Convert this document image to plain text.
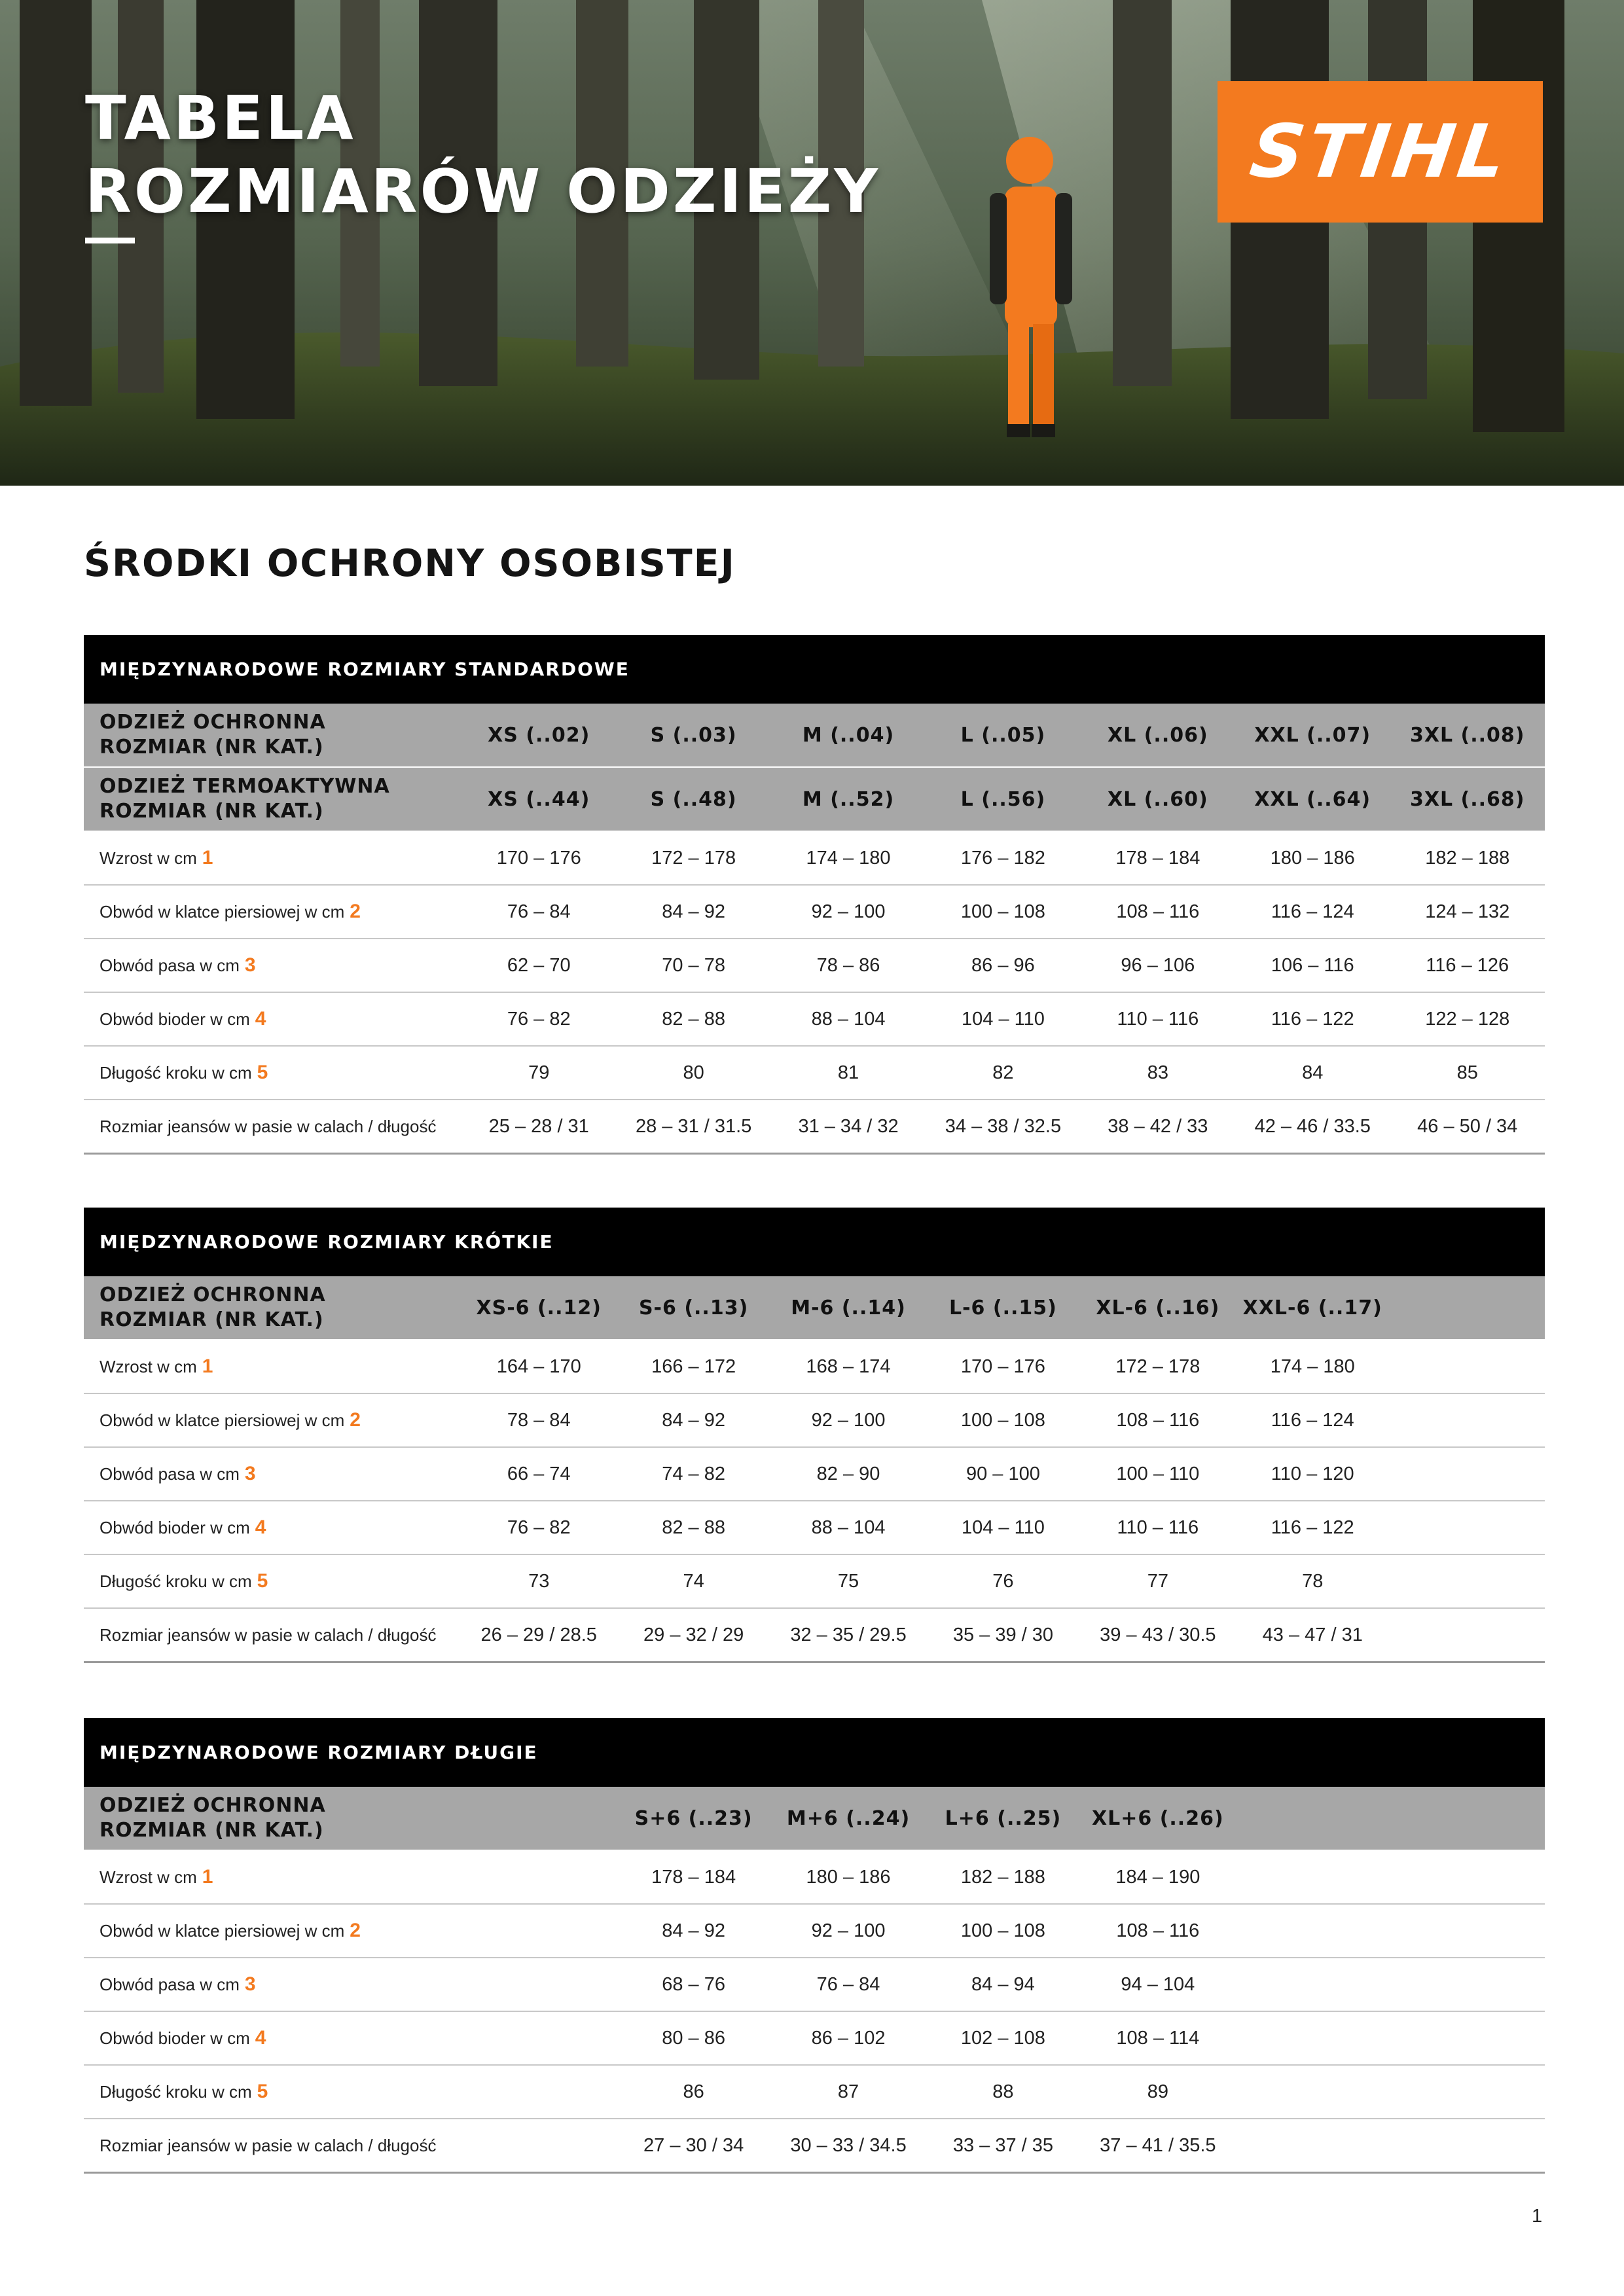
TABELA
ROZMIARÓW ODZIEŻY	STIHL
ŚRODKI OCHRONY OSOBISTEJ
MIĘDZYNARODOWE ROZMIARY STANDARDOWE							

ODZIEŻ OCHRONNA
ROZMIAR (NR KAT.)	XS (..02)	S (..03)	M (..04)	L (..05)	XL (..06)	XXL (..07)	3XL (..08)

ODZIEŻ TERMOAKTYWNA
ROZMIAR (NR KAT.)	XS (..44)	S (..48)	M (..52)	L (..56)	XL (..60)	XXL (..64)	3XL (..68)
Wzrost w cm 1	170 – 176	172 – 178	174 – 180	176 – 182	178 – 184	180 – 186	182 – 188
Obwód w klatce piersiowej w cm 2	76 – 84	84 – 92	92 – 100	100 – 108	108 – 116	116 – 124	124 – 132
Obwód pasa w cm 3	62 – 70	70 – 78	78 – 86	86 – 96	96 – 106	106 – 116	116 – 126
Obwód bioder w cm 4	76 – 82	82 – 88	88 – 104	104 – 110	110 – 116	116 – 122	122 – 128
Długość kroku w cm 5	79	80	81	82	83	84	85
Rozmiar jeansów w pasie w calach / długość	25 – 28 / 31	28 – 31 / 31.5	31 – 34 / 32	34 – 38 / 32.5	38 – 42 / 33	42 – 46 / 33.5	46 – 50 / 34
MIĘDZYNARODOWE ROZMIARY KRÓTKIE							

ODZIEŻ OCHRONNA
ROZMIAR (NR KAT.)	XS-6 (..12)	S-6 (..13)	M-6 (..14)	L-6 (..15)	XL-6 (..16)	XXL-6 (..17)	
Wzrost w cm 1	164 – 170	166 – 172	168 – 174	170 – 176	172 – 178	174 – 180	
Obwód w klatce piersiowej w cm 2	78 – 84	84 – 92	92 – 100	100 – 108	108 – 116	116 – 124	
Obwód pasa w cm 3	66 – 74	74 – 82	82 – 90	90 – 100	100 – 110	110 – 120	
Obwód bioder w cm 4	76 – 82	82 – 88	88 – 104	104 – 110	110 – 116	116 – 122	
Długość kroku w cm 5	73	74	75	76	77	78	
Rozmiar jeansów w pasie w calach / długość	26 – 29 / 28.5	29 – 32 / 29	32 – 35 / 29.5	35 – 39 / 30	39 – 43 / 30.5	43 – 47 / 31	
MIĘDZYNARODOWE ROZMIARY DŁUGIE							

ODZIEŻ OCHRONNA
ROZMIAR (NR KAT.)		S+6 (..23)	M+6 (..24)	L+6 (..25)	XL+6 (..26)		
Wzrost w cm 1		178 – 184	180 – 186	182 – 188	184 – 190		
Obwód w klatce piersiowej w cm 2		84 – 92	92 – 100	100 – 108	108 – 116		
Obwód pasa w cm 3		68 – 76	76 – 84	84 – 94	94 – 104		
Obwód bioder w cm 4		80 – 86	86 – 102	102 – 108	108 – 114		
Długość kroku w cm 5		86	87	88	89		
Rozmiar jeansów w pasie w calach / długość		27 – 30 / 34	30 – 33 / 34.5	33 – 37 / 35	37 – 41 / 35.5		
1
